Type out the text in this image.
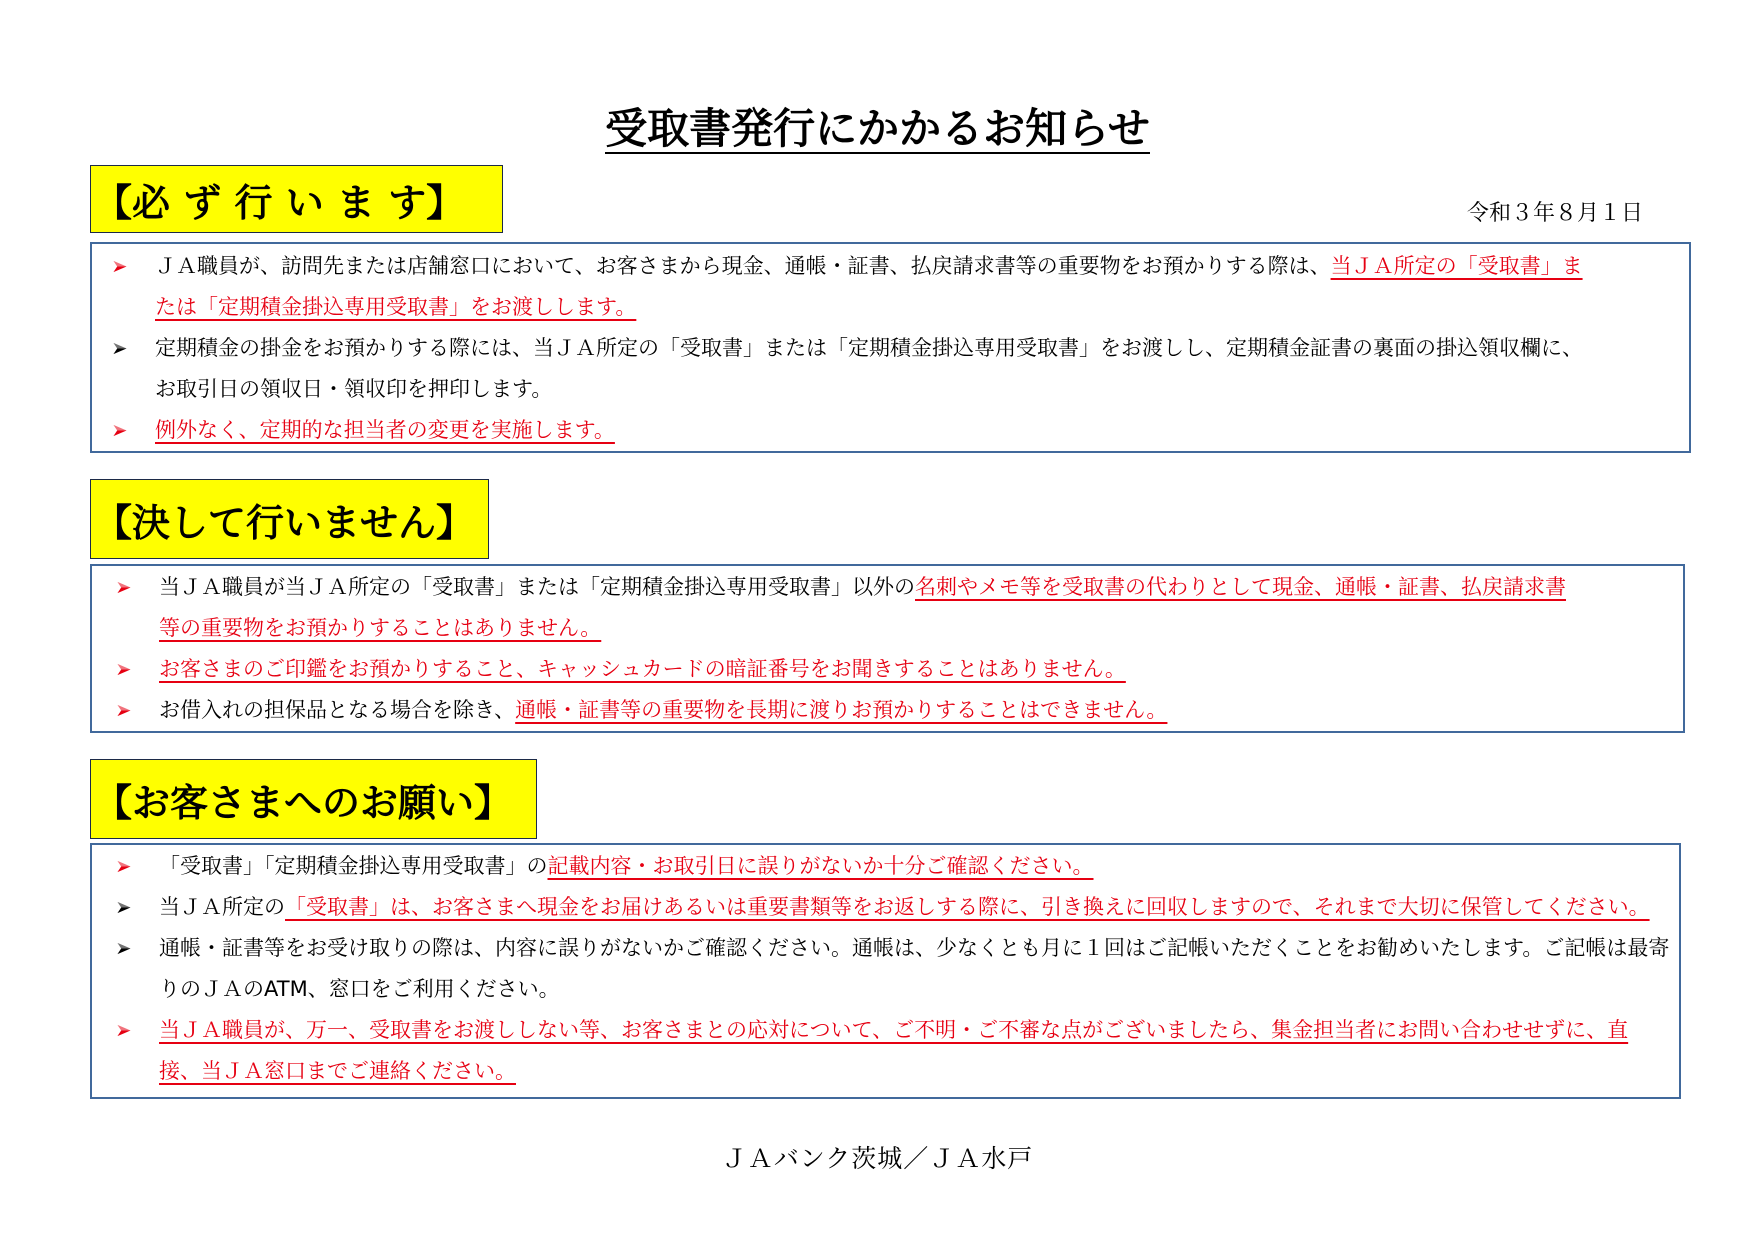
受取書発行にかかるお知らせ
令和３年８月１日
【必 ず 行 い ま す】
ＪＡ職員が、訪問先または店舗窓口において、お客さまから現金、通帳・証書、払戻請求書等の重要物をお預かりする際は、当ＪＡ所定の「受取書」ま
たは「定期積金掛込専用受取書」をお渡しします。
定期積金の掛金をお預かりする際には、当ＪＡ所定の「受取書」または「定期積金掛込専用受取書」をお渡しし、定期積金証書の裏面の掛込領収欄に、
お取引日の領収日・領収印を押印します。
例外なく、定期的な担当者の変更を実施します。
【決して行いません】
当ＪＡ職員が当ＪＡ所定の「受取書」または「定期積金掛込専用受取書」以外の名刺やメモ等を受取書の代わりとして現金、通帳・証書、払戻請求書
等の重要物をお預かりすることはありません。
お客さまのご印鑑をお預かりすること、キャッシュカードの暗証番号をお聞きすることはありません。
お借入れの担保品となる場合を除き、通帳・証書等の重要物を長期に渡りお預かりすることはできません。
【お客さまへのお願い】
「受取書」「定期積金掛込専用受取書」の記載内容・お取引日に誤りがないか十分ご確認ください。
当ＪＡ所定の「受取書」は、お客さまへ現金をお届けあるいは重要書類等をお返しする際に、引き換えに回収しますので、それまで大切に保管してください。
通帳・証書等をお受け取りの際は、内容に誤りがないかご確認ください。通帳は、少なくとも月に１回はご記帳いただくことをお勧めいたします。ご記帳は最寄
りのＪＡのATM、窓口をご利用ください。
当ＪＡ職員が、万一、受取書をお渡ししない等、お客さまとの応対について、ご不明・ご不審な点がございましたら、集金担当者にお問い合わせせずに、直
接、当ＪＡ窓口までご連絡ください。
ＪＡバンク茨城／ＪＡ水戸
